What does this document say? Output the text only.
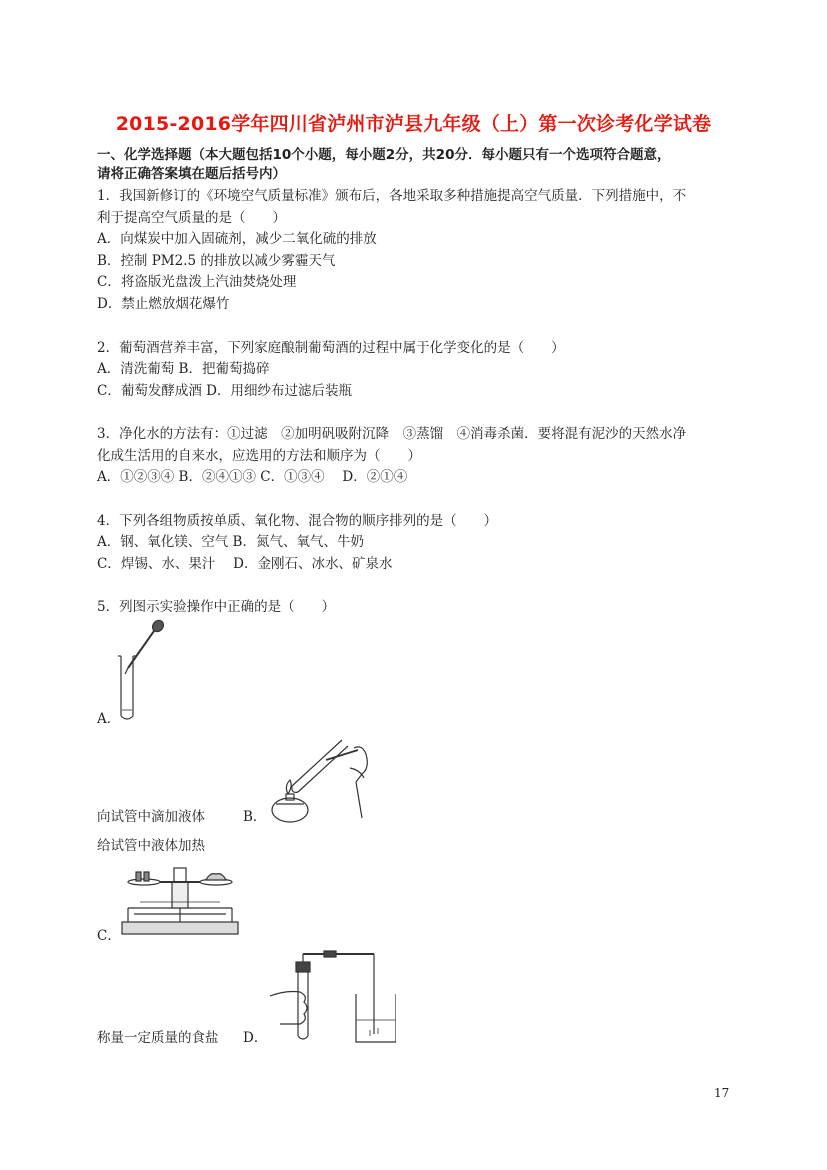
2015-2016学年四川省泸州市泸县九年级（上）第一次诊考化学试卷
一、化学选择题（本大题包括10个小题，每小题2分，共20分．每小题只有一个选项符合题意，
请将正确答案填在题后括号内）
1．我国新修订的《环境空气质量标准》颁布后，各地采取多种措施提高空气质量．下列措施中，不
利于提高空气质量的是（　　）
A．向煤炭中加入固硫剂，减少二氧化硫的排放
B．控制 PM2.5 的排放以减少雾霾天气
C．将盗版光盘泼上汽油焚烧处理
D．禁止燃放烟花爆竹
2．葡萄酒营养丰富，下列家庭酿制葡萄酒的过程中属于化学变化的是（　　）
A．清洗葡萄 B．把葡萄捣碎
C．葡萄发酵成酒 D．用细纱布过滤后装瓶
3．净化水的方法有：①过滤　②加明矾吸附沉降　③蒸馏　④消毒杀菌．要将混有泥沙的天然水净
化成生活用的自来水，应选用的方法和顺序为（　　）
A．①②③④ B．②④①③ C．①③④　 D．②①④
4．下列各组物质按单质、氧化物、混合物的顺序排列的是（　　）
A．钢、氧化镁、空气 B．氮气、氧气、牛奶
C．焊锡、水、果汁　 D．金刚石、冰水、矿泉水
5．列图示实验操作中正确的是（　　）
A．
向试管中滴加液体	B．
给试管中液体加热
C．
称量一定质量的食盐 D．
17
